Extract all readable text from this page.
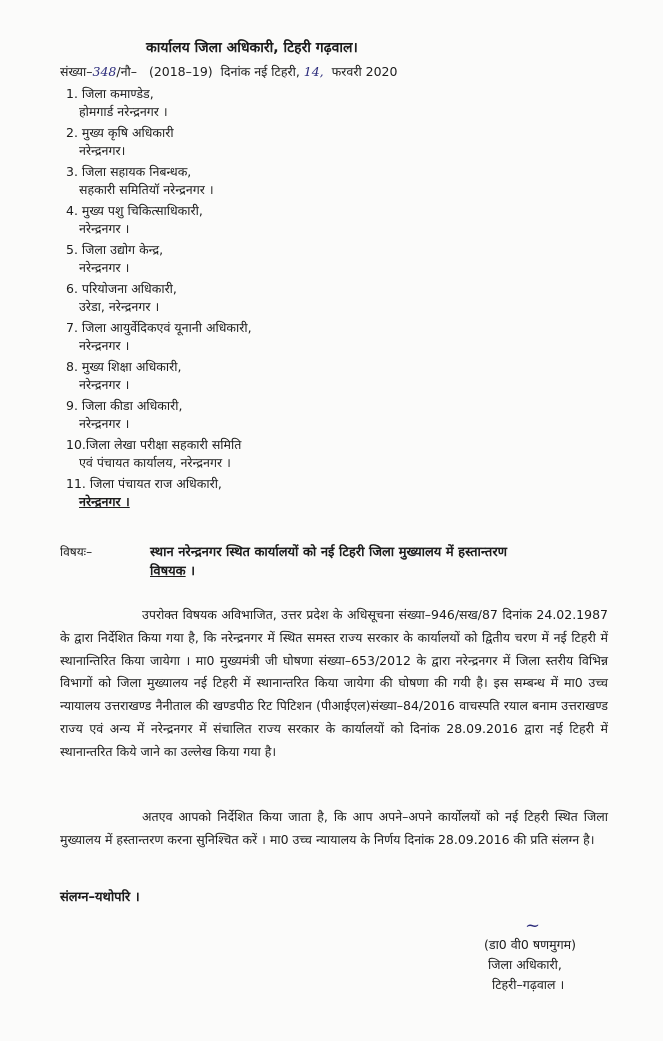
कार्यालय जिला अधिकारी, टिहरी गढ़वाल।
संख्या–348/नौ– (2018–19) दिनांक नई टिहरी, 14, फरवरी 2020
1. जिला कमाण्डेड,
होमगार्ड नरेन्द्रनगर ।
2. मुख्य कृषि अधिकारी
नरेन्द्रनगर।
3. जिला सहायक निबन्धक,
सहकारी समितियॉ नरेन्द्रनगर ।
4. मुख्य पशु चिकित्साधिकारी,
नरेन्द्रनगर ।
5. जिला उद्योग केन्द्र,
नरेन्द्रनगर ।
6. परियोजना अधिकारी,
उरेडा, नरेन्द्रनगर ।
7. जिला आयुर्वेदिकएवं यूनानी अधिकारी,
नरेन्द्रनगर ।
8. मुख्य शिक्षा अधिकारी,
नरेन्द्रनगर ।
9. जिला कीडा अधिकारी,
नरेन्द्रनगर ।
10.जिला लेखा परीक्षा सहकारी समिति
एवं पंचायत कार्यालय, नरेन्द्रनगर ।
11. जिला पंचायत राज अधिकारी,
नरेन्द्रनगर ।
विषयः–	स्थान नरेन्द्रनगर स्थित कार्यालयों को नई टिहरी जिला मुख्यालय में हस्तान्तरण
विषयक ।
उपरोक्त विषयक अविभाजित, उत्तर प्रदेश के अधिसूचना संख्या–946/सख/87 दिनांक 24.02.1987 के द्वारा निर्देशित किया गया है, कि नरेन्द्रनगर में स्थित समस्त राज्य सरकार के कार्यालयों को द्वितीय चरण में नई टिहरी में स्थानान्तिरित किया जायेगा । मा0 मुख्यमंत्री जी घोषणा संख्या–653/2012 के द्वारा नरेन्द्रनगर में जिला स्तरीय विभिन्न विभागों को जिला मुख्यालय नई टिहरी में स्थानान्तरित किया जायेगा की घोषणा की गयी है। इस सम्बन्ध में मा0 उच्च न्यायालय उत्तराखण्ड नैनीताल की खण्डपीठ रिट पिटिशन (पीआईएल)संख्या–84/2016 वाचस्पति रयाल बनाम उत्तराखण्ड राज्य एवं अन्य में नरेन्द्रनगर में संचालित राज्य सरकार के कार्यालयों को दिनांक 28.09.2016 द्वारा नई टिहरी में स्थानान्तरित किये जाने का उल्लेख किया गया है।
अतएव आपको निर्देशित किया जाता है, कि आप अपने–अपने कार्योलयों को नई टिहरी स्थित जिला मुख्यालय में हस्तान्तरण करना सुनिश्चित करें । मा0 उच्च न्यायालय के निर्णय दिनांक 28.09.2016 की प्रति संलग्न है।
संलग्न–यथोपरि ।
~
(डा0 वी0 षणमुगम)
जिला अधिकारी,
टिहरी–गढ़वाल ।
